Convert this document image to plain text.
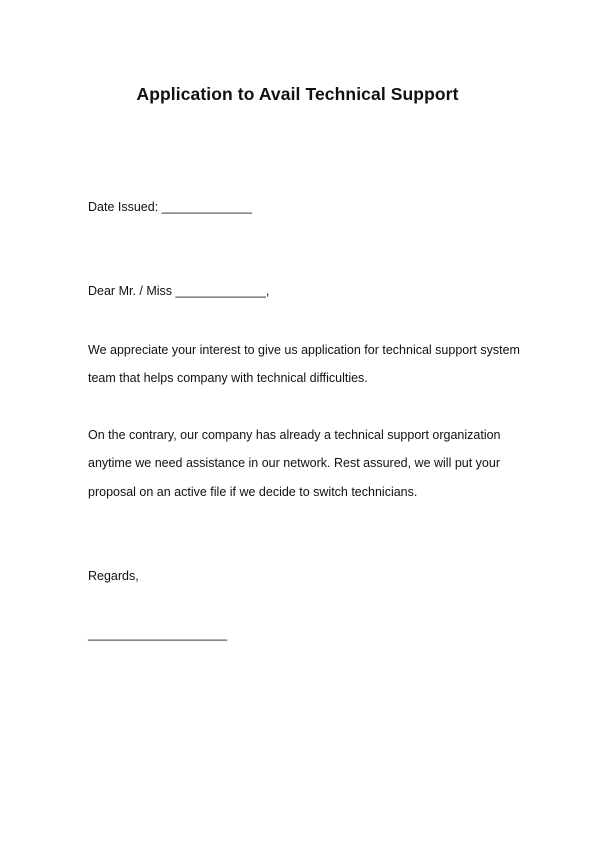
Application to Avail Technical Support
Date Issued: _____________
Dear Mr. / Miss _____________,
We appreciate your interest to give us application for technical support system
team that helps company with technical difficulties.
On the contrary, our company has already a technical support organization
anytime we need assistance in our network. Rest assured, we will put your
proposal on an active file if we decide to switch technicians.
Regards,
____________________
